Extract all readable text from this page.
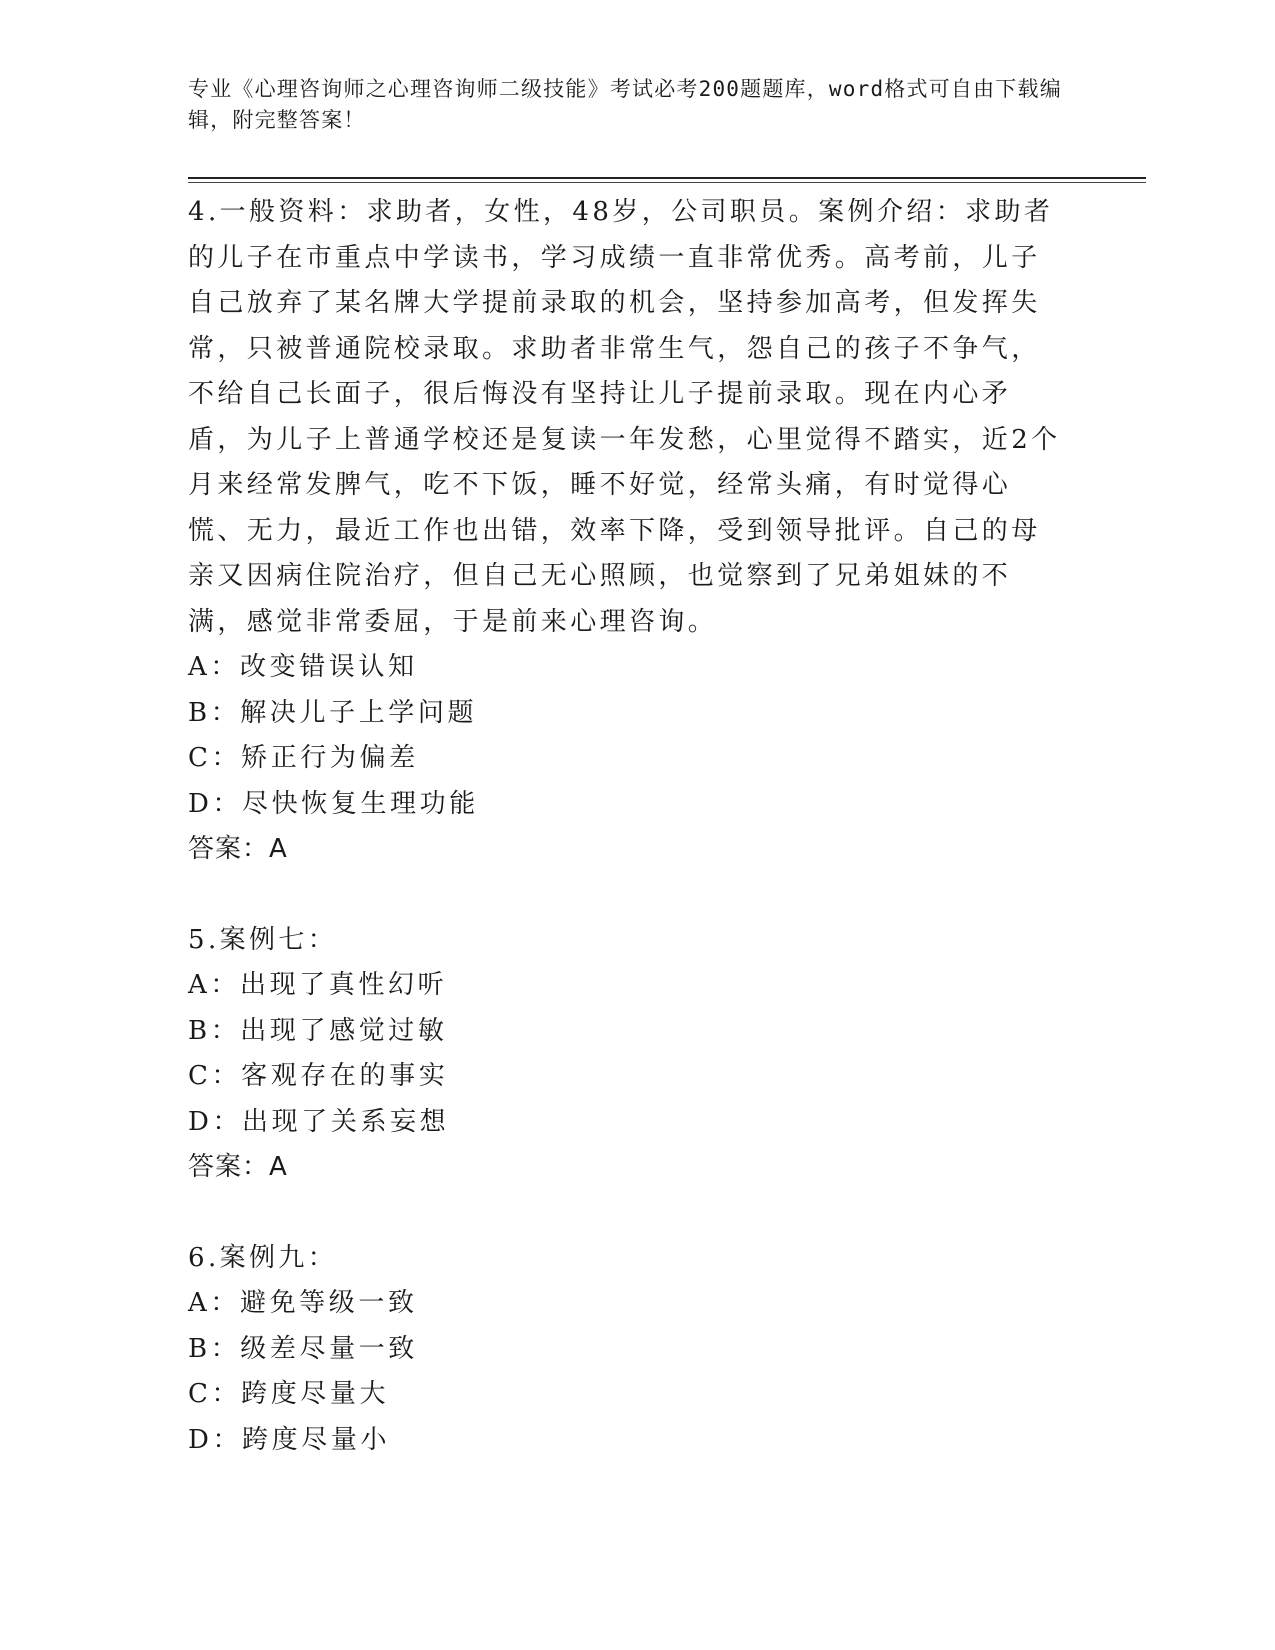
专业《心理咨询师之心理咨询师二级技能》考试必考200题题库，word格式可自由下载编辑，附完整答案！

4.一般资料：求助者，女性，48岁，公司职员。案例介绍：求助者的儿子在市重点中学读书，学习成绩一直非常优秀。高考前，儿子自己放弃了某名牌大学提前录取的机会，坚持参加高考，但发挥失常，只被普通院校录取。求助者非常生气，怨自己的孩子不争气，不给自己长面子，很后悔没有坚持让儿子提前录取。现在内心矛盾，为儿子上普通学校还是复读一年发愁，心里觉得不踏实，近2个月来经常发脾气，吃不下饭，睡不好觉，经常头痛，有时觉得心慌、无力，最近工作也出错，效率下降，受到领导批评。自己的母亲又因病住院治疗，但自己无心照顾，也觉察到了兄弟姐妹的不满，感觉非常委屈，于是前来心理咨询。

A：改变错误认知

B：解决儿子上学问题

C：矫正行为偏差

D：尽快恢复生理功能

答案：A

5.案例七：

A：出现了真性幻听

B：出现了感觉过敏

C：客观存在的事实

D：出现了关系妄想

答案：A

6.案例九：

A：避免等级一致

B：级差尽量一致

C：跨度尽量大

D：跨度尽量小
